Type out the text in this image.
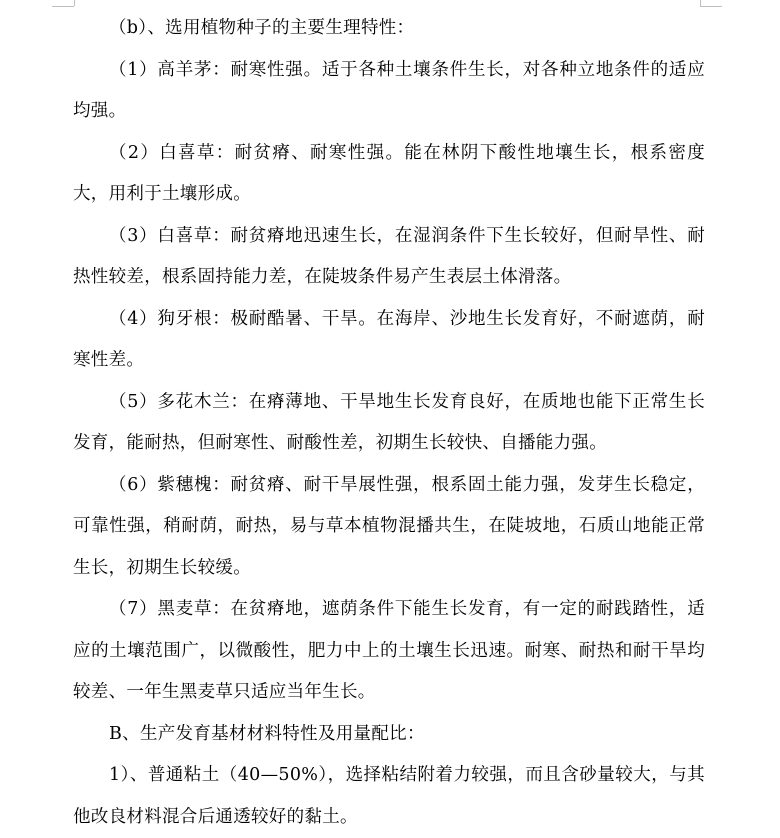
（b）、选用植物种子的主要生理特性：

（1）高羊茅：耐寒性强。适于各种土壤条件生长，对各种立地条件的适应均强。

（2）白喜草：耐贫瘠、耐寒性强。能在林阴下酸性地壤生长，根系密度大，用利于土壤形成。

（3）白喜草：耐贫瘠地迅速生长，在湿润条件下生长较好，但耐旱性、耐热性较差，根系固持能力差，在陡坡条件易产生表层土体滑落。

（4）狗牙根：极耐酷暑、干旱。在海岸、沙地生长发育好，不耐遮荫，耐寒性差。

（5）多花木兰：在瘠薄地、干旱地生长发育良好，在质地也能下正常生长发育，能耐热，但耐寒性、耐酸性差，初期生长较快、自播能力强。

（6）紫穗槐：耐贫瘠、耐干旱展性强，根系固土能力强，发芽生长稳定，可靠性强，稍耐荫，耐热，易与草本植物混播共生，在陡坡地，石质山地能正常生长，初期生长较缓。

（7）黑麦草：在贫瘠地，遮荫条件下能生长发育，有一定的耐践踏性，适应的土壤范围广，以微酸性，肥力中上的土壤生长迅速。耐寒、耐热和耐干旱均较差、一年生黑麦草只适应当年生长。

B、生产发育基材材料特性及用量配比：

1）、普通粘土（40—50%），选择粘结附着力较强，而且含砂量较大，与其他改良材料混合后通透较好的黏土。
